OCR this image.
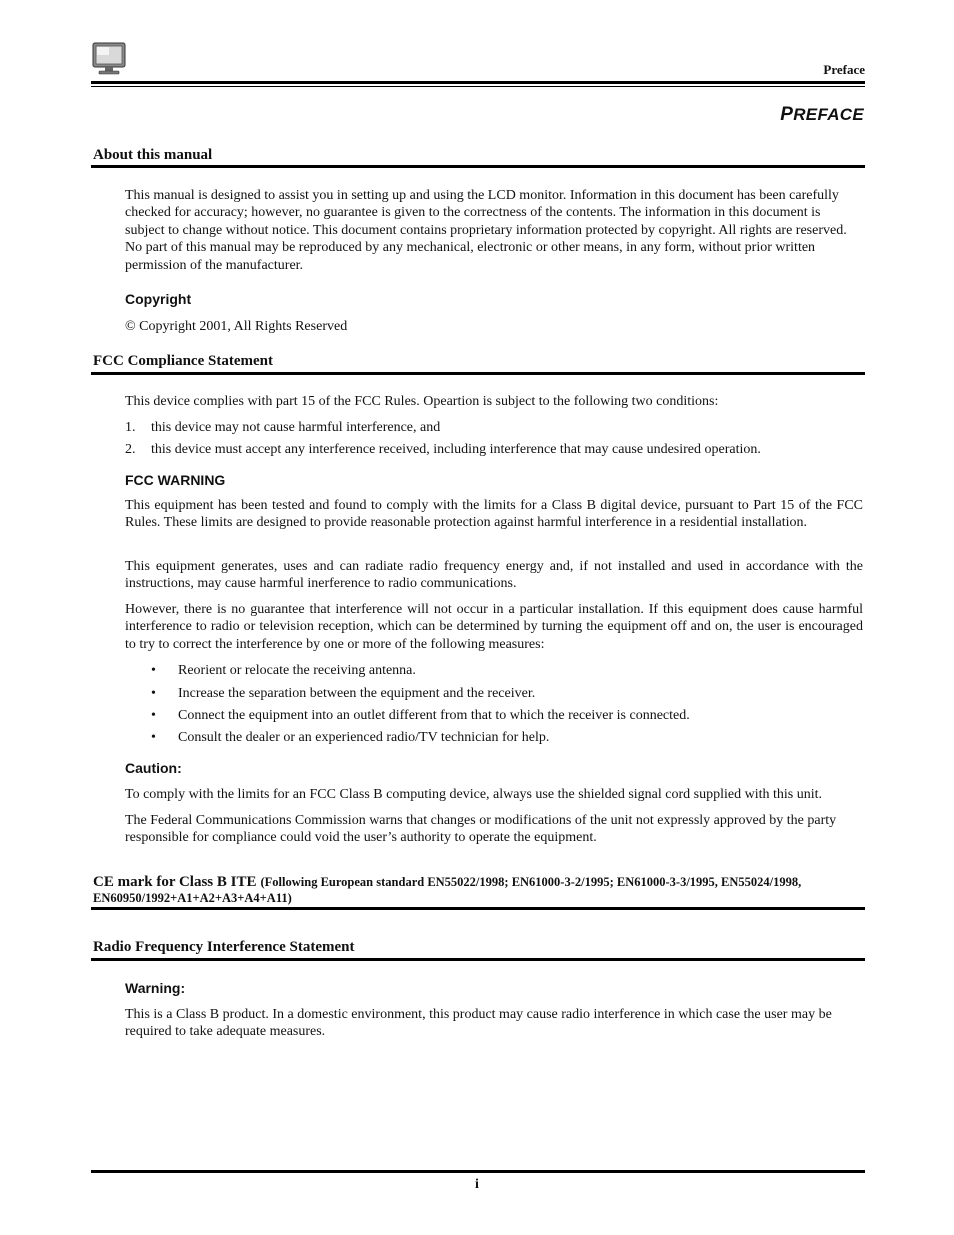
Preface
PREFACE
About this manual

This manual is designed to assist you in setting up and using the LCD monitor. Information in this document has been carefully checked for accuracy; however, no guarantee is given to the correctness of the contents. The information in this document is subject to change without notice. This document contains proprietary information protected by copyright. All rights are reserved. No part of this manual may be reproduced by any mechanical, electronic or other means, in any form, without prior written permission of the manufacturer.

Copyright

© Copyright 2001, All Rights Reserved

FCC Compliance Statement

This device complies with part 15 of the FCC Rules. Opeartion is subject to the following two conditions:

1. this device may not cause harmful interference, and
2. this device must accept any interference received, including interference that may cause undesired operation.
FCC WARNING

This equipment has been tested and found to comply with the limits for a Class B digital device, pursuant to Part 15 of the FCC Rules. These limits are designed to provide reasonable protection against harmful interference in a residential installation.

This equipment generates, uses and can radiate radio frequency energy and, if not installed and used in accordance with the instructions, may cause harmful inerference to radio communications.

However, there is no guarantee that interference will not occur in a particular installation. If this equipment does cause harmful interference to radio or television reception, which can be determined by turning the equipment off and on, the user is encouraged to try to correct the interference by one or more of the following measures:

• Reorient or relocate the receiving antenna.
• Increase the separation between the equipment and the receiver.
• Connect the equipment into an outlet different from that to which the receiver is connected.
• Consult the dealer or an experienced radio/TV technician for help.
Caution:

To comply with the limits for an FCC Class B computing device, always use the shielded signal cord supplied with this unit.

The Federal Communications Commission warns that changes or modifications of the unit not expressly approved by the party responsible for compliance could void the user’s authority to operate the equipment.

CE mark for Class B ITE (Following European standard EN55022/1998; EN61000-3-2/1995; EN61000-3-3/1995, EN55024/1998, EN60950/1992+A1+A2+A3+A4+A11)
Radio Frequency Interference Statement
Warning:

This is a Class B product. In a domestic environment, this product may cause radio interference in which case the user may be required to take adequate measures.

i
